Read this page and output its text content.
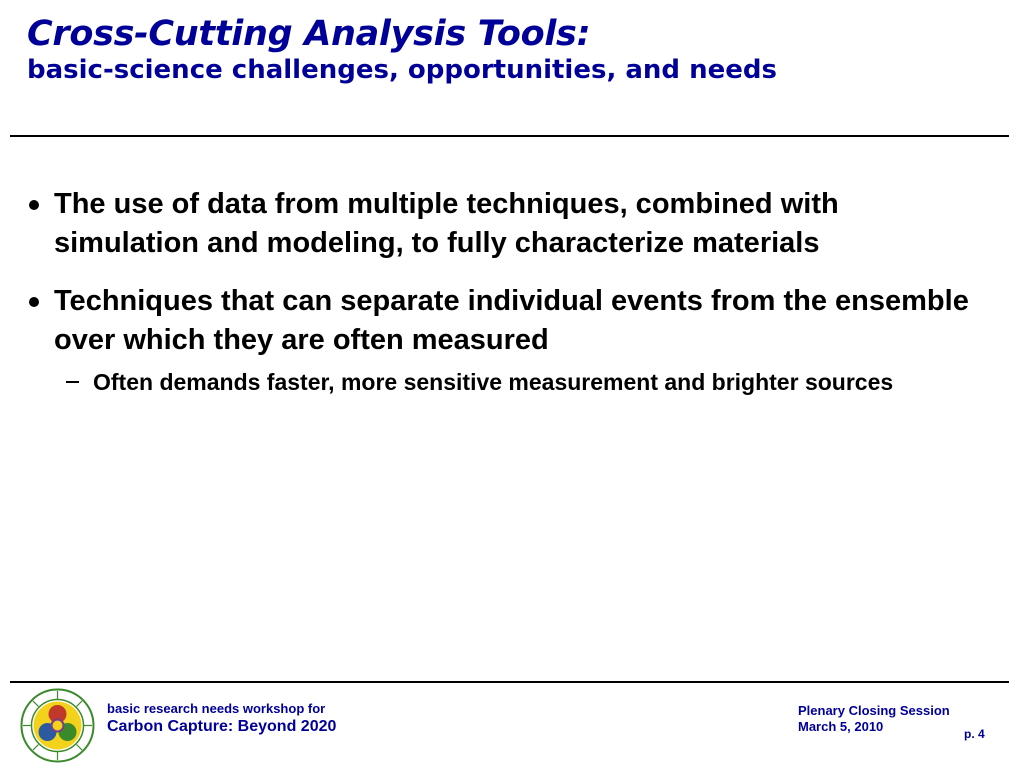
Cross-Cutting Analysis Tools:
basic-science challenges, opportunities, and needs
The use of data from multiple techniques, combined with simulation and modeling, to fully characterize materials
Techniques that can separate individual events from the ensemble over which they are often measured
Often demands faster, more sensitive measurement and brighter sources
basic research needs workshop for
Carbon Capture: Beyond 2020
Plenary Closing Session
March 5, 2010	p. 4
